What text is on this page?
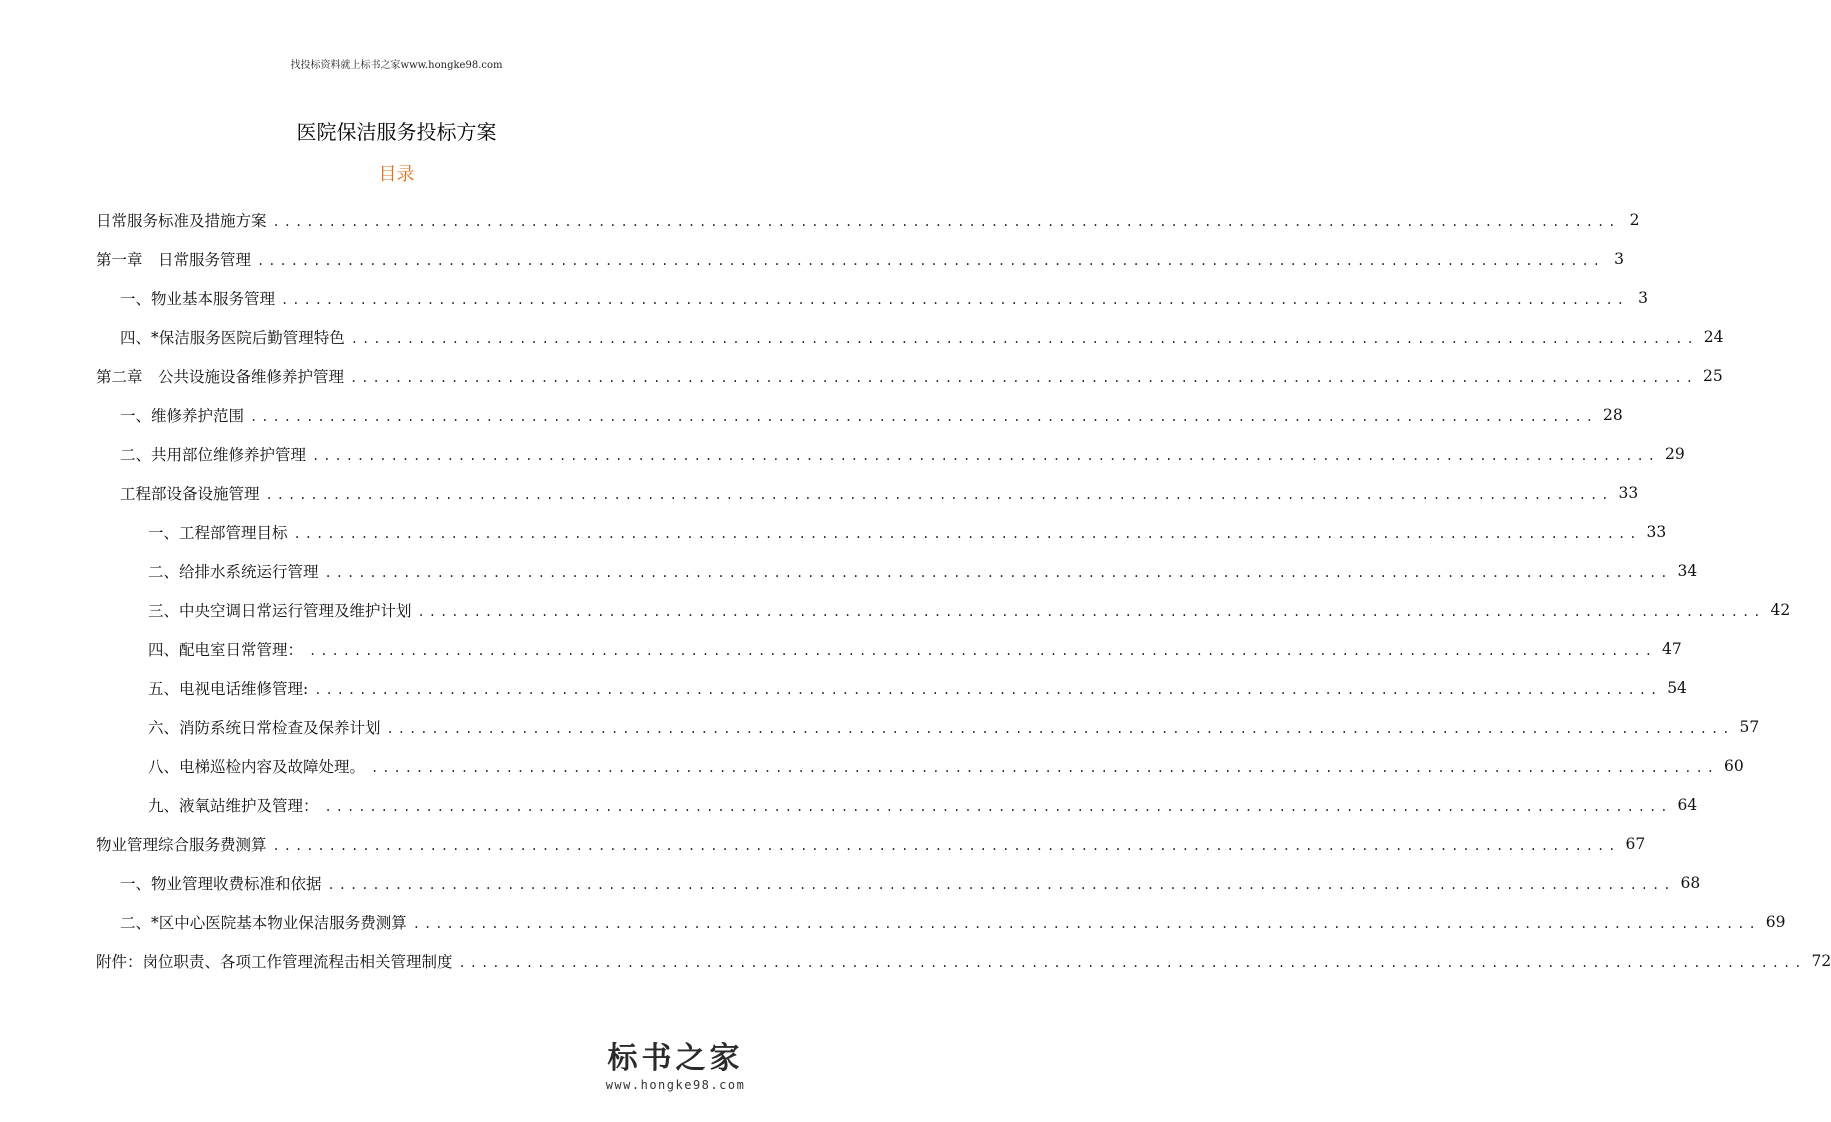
找投标资料就上标书之家www.hongke98.com
医院保洁服务投标方案
目录
日常服务标准及措施方案 ........................................................................................................................ 2
第一章　日常服务管理 ........................................................................................................................ 3
一、物业基本服务管理 ........................................................................................................................ 3
四、*保洁服务医院后勤管理特色 ........................................................................................................................ 24
第二章　公共设施设备维修养护管理 ........................................................................................................................ 25
一、维修养护范围 ........................................................................................................................ 28
二、共用部位维修养护管理 ........................................................................................................................ 29
工程部设备设施管理 ........................................................................................................................ 33
一、工程部管理目标 ........................................................................................................................ 33
二、给排水系统运行管理 ........................................................................................................................ 34
三、中央空调日常运行管理及维护计划 ........................................................................................................................ 42
四、配电室日常管理： ........................................................................................................................ 47
五、电视电话维修管理: ........................................................................................................................ 54
六、消防系统日常检查及保养计划 ........................................................................................................................ 57
八、电梯巡检内容及故障处理。 ........................................................................................................................ 60
九、液氧站维护及管理： ........................................................................................................................ 64
物业管理综合服务费测算 ........................................................................................................................ 67
一、物业管理收费标准和依据 ........................................................................................................................ 68
二、*区中心医院基本物业保洁服务费测算 ........................................................................................................................ 69
附件：岗位职责、各项工作管理流程击相关管理制度 ........................................................................................................................ 72
标书之家
www.hongke98.com
